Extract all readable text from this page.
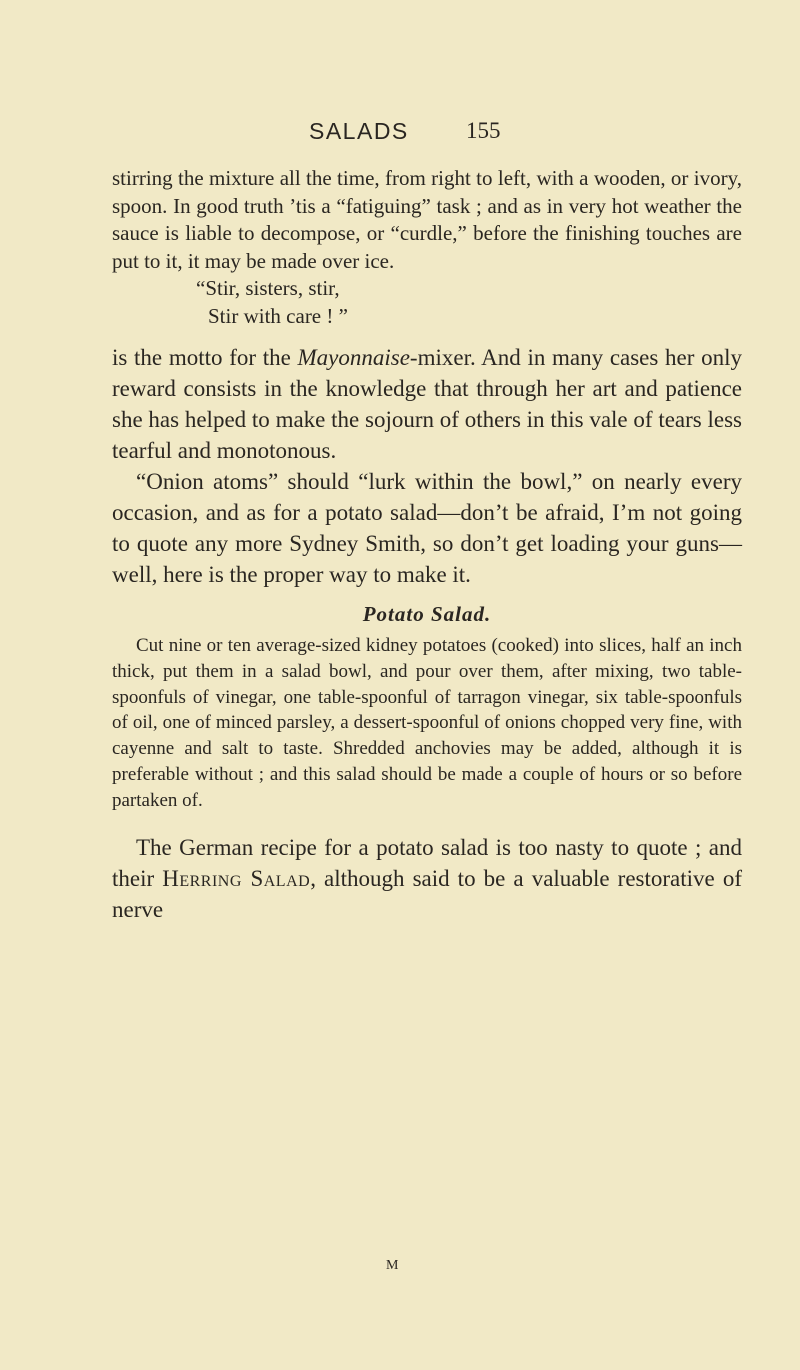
SALADS 155

stirring the mixture all the time, from right to left, with a wooden, or ivory, spoon. In good truth ’tis a “fatiguing” task ; and as in very hot weather the sauce is liable to decompose, or “curdle,” before the finishing touches are put to it, it may be made over ice.

“Stir, sisters, stir,
Stir with care ! ”

is the motto for the Mayonnaise-mixer. And in many cases her only reward consists in the knowledge that through her art and patience she has helped to make the sojourn of others in this vale of tears less tearful and monotonous.

“Onion atoms” should “lurk within the bowl,” on nearly every occasion, and as for a potato salad—don’t be afraid, I’m not going to quote any more Sydney Smith, so don’t get loading your guns—well, here is the proper way to make it.

Potato Salad.

Cut nine or ten average-sized kidney potatoes (cooked) into slices, half an inch thick, put them in a salad bowl, and pour over them, after mixing, two table-spoonfuls of vinegar, one table-spoonful of tarragon vinegar, six table-spoonfuls of oil, one of minced parsley, a dessert-spoonful of onions chopped very fine, with cayenne and salt to taste. Shredded anchovies may be added, although it is preferable without ; and this salad should be made a couple of hours or so before partaken of.

The German recipe for a potato salad is too nasty to quote ; and their Herring Salad, although said to be a valuable restorative of nerve

M
